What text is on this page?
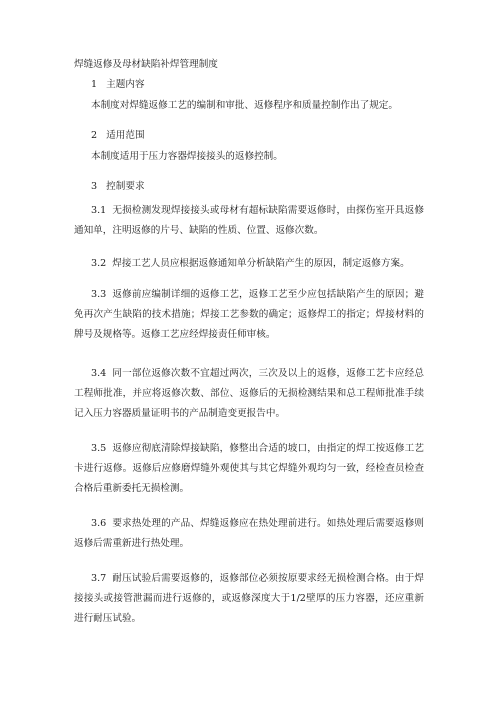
焊缝返修及母材缺陷补焊管理制度
1 主题内容

本制度对焊缝返修工艺的编制和审批、返修程序和质量控制作出了规定。

2 适用范围

本制度适用于压力容器焊接接头的返修控制。

3 控制要求

3.1 无损检测发现焊接接头或母材有超标缺陷需要返修时，由探伤室开具返修通知单，注明返修的片号、缺陷的性质、位置、返修次数。

3.2 焊接工艺人员应根据返修通知单分析缺陷产生的原因，制定返修方案。

3.3 返修前应编制详细的返修工艺，返修工艺至少应包括缺陷产生的原因；避免再次产生缺陷的技术措施；焊接工艺参数的确定；返修焊工的指定；焊接材料的牌号及规格等。返修工艺应经焊接责任师审核。

3.4 同一部位返修次数不宜超过两次，三次及以上的返修，返修工艺卡应经总工程师批准，并应将返修次数、部位、返修后的无损检测结果和总工程师批准手续记入压力容器质量证明书的产品制造变更报告中。

3.5 返修应彻底清除焊接缺陷，修整出合适的坡口，由指定的焊工按返修工艺卡进行返修。返修后应修磨焊缝外观使其与其它焊缝外观均匀一致，经检查员检查合格后重新委托无损检测。

3.6 要求热处理的产品、焊缝返修应在热处理前进行。如热处理后需要返修则返修后需重新进行热处理。

3.7 耐压试验后需要返修的，返修部位必须按原要求经无损检测合格。由于焊接接头或接管泄漏而进行返修的，或返修深度大于1/2壁厚的压力容器，还应重新进行耐压试验。
